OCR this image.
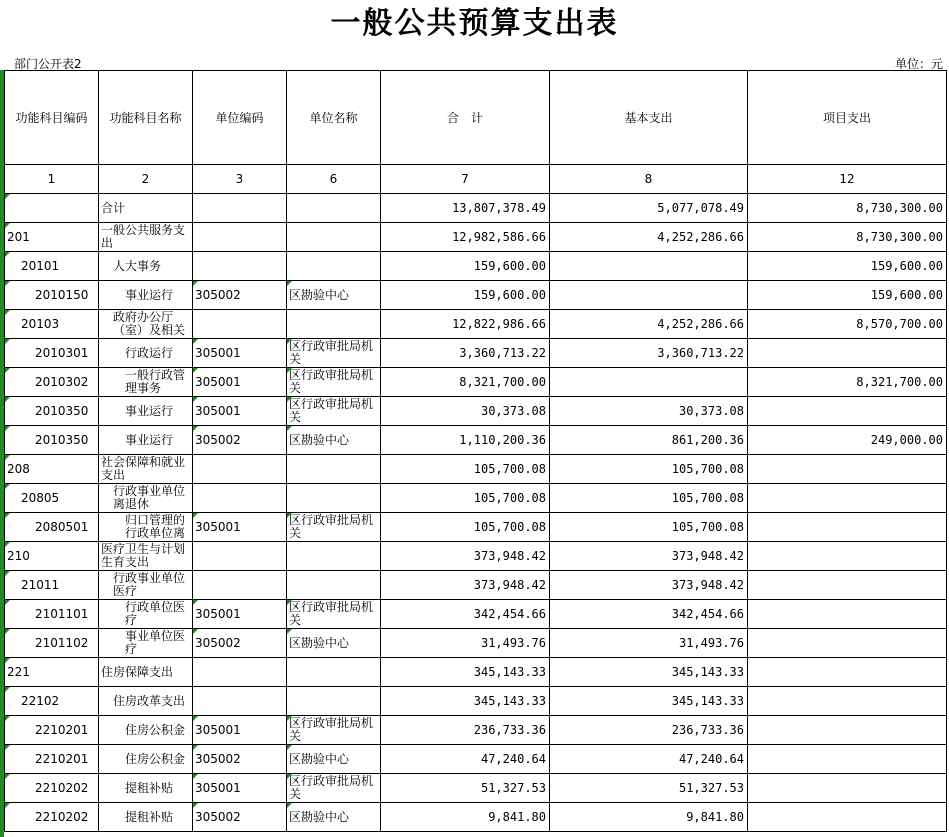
一般公共预算支出表
部门公开表2	单位：元
功能科目编码	功能科目名称	单位编码	单位名称	合　计	基本支出	项目支出
1	2	3	6	7	8	12
	合计			13,807,378.49	5,077,078.49	8,730,300.00
201	一般公共服务支出			12,982,586.66	4,252,286.66	8,730,300.00
20101	人大事务			159,600.00		159,600.00
2010150	事业运行	305002	区勘验中心	159,600.00		159,600.00
20103	政府办公厅（室）及相关			12,822,986.66	4,252,286.66	8,570,700.00
2010301	行政运行	305001	区行政审批局机关	3,360,713.22	3,360,713.22	
2010302	一般行政管理事务	305001	区行政审批局机关	8,321,700.00		8,321,700.00
2010350	事业运行	305001	区行政审批局机关	30,373.08	30,373.08	
2010350	事业运行	305002	区勘验中心	1,110,200.36	861,200.36	249,000.00
208	社会保障和就业支出			105,700.08	105,700.08	
20805	行政事业单位离退休			105,700.08	105,700.08	
2080501	归口管理的行政单位离	305001	区行政审批局机关	105,700.08	105,700.08	
210	医疗卫生与计划生育支出			373,948.42	373,948.42	
21011	行政事业单位医疗			373,948.42	373,948.42	
2101101	行政单位医疗	305001	区行政审批局机关	342,454.66	342,454.66	
2101102	事业单位医疗	305002	区勘验中心	31,493.76	31,493.76	
221	住房保障支出			345,143.33	345,143.33	
22102	住房改革支出			345,143.33	345,143.33	
2210201	住房公积金	305001	区行政审批局机关	236,733.36	236,733.36	
2210201	住房公积金	305002	区勘验中心	47,240.64	47,240.64	
2210202	提租补贴	305001	区行政审批局机关	51,327.53	51,327.53	
2210202	提租补贴	305002	区勘验中心	9,841.80	9,841.80	
